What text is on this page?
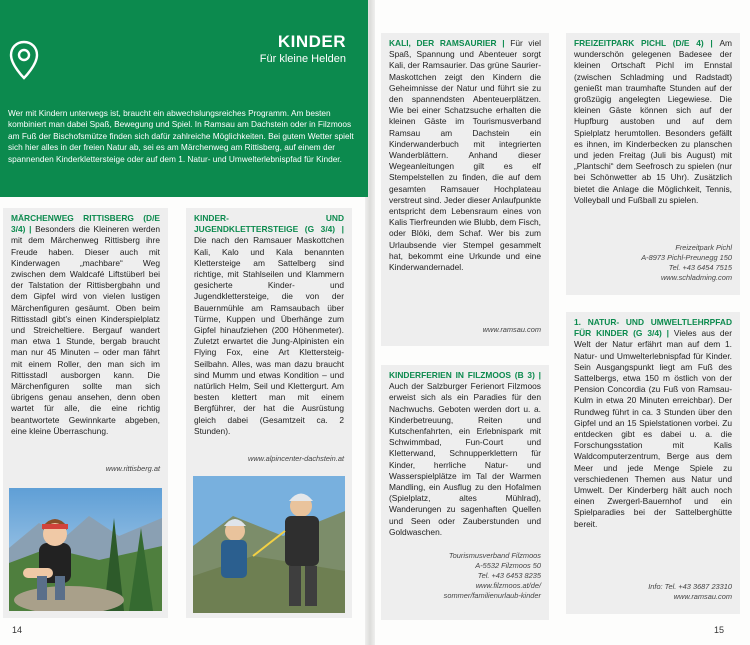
KINDER
Für kleine Helden
Wer mit Kindern unterwegs ist, braucht ein abwechslungsreiches Programm. Am besten kombiniert man dabei Spaß, Bewegung und Spiel. In Ramsau am Dachstein oder in Filzmoos am Fuß der Bischofsmütze finden sich dafür zahlreiche Möglichkeiten. Bei gutem Wetter spielt sich hier alles in der freien Natur ab, sei es am Märchenweg am Rittisberg, auf einem der spannenden Kinderklettersteige oder auf dem 1. Natur- und Umwelterlebnispfad für Kinder.
MÄRCHENWEG RITTISBERG (D/E 3/4) | Besonders die Kleineren werden mit dem Märchenweg Rittisberg ihre Freude haben. Dieser auch mit Kinderwagen „machbare“ Weg zwischen dem Waldcafé Liftstüberl bei der Talstation der Rittisbergbahn und dem Gipfel wird von vielen lustigen Märchenfiguren gesäumt. Oben beim Rittisstadl gibt’s einen Kinderspielplatz und Streicheltiere. Bergauf wandert man etwa 1 Stunde, bergab braucht man nur 45 Minuten – oder man fährt mit einem Roller, den man sich im Rittisstadl ausborgen kann. Die Märchenfiguren sollte man sich übrigens genau ansehen, denn oben wartet für alle, die eine richtig beantwortete Gewinnkarte abgeben, eine kleine Überraschung.
www.rittisberg.at
KINDER- UND JUGENDKLETTERSTEIGE (G 3/4) | Die nach den Ramsauer Maskottchen Kali, Kalo und Kala benannten Klettersteige am Sattelberg sind richtige, mit Stahlseilen und Klammern gesicherte Kinder- und Jugendklettersteige, die von der Bauernmühle am Ramsaubach über Türme, Kuppen und Überhänge zum Gipfel hinaufziehen (200 Höhenmeter). Zuletzt erwartet die Jung-Alpinisten ein Flying Fox, eine Art Klettersteig-Seilbahn. Alles, was man dazu braucht sind Mumm und etwas Kondition – und natürlich Helm, Seil und Klettergurt. Am besten klettert man mit einem Bergführer, der hat die Ausrüstung gleich dabei (Gesamtzeit ca. 2 Stunden).
www.alpincenter-dachstein.at
KALI, DER RAMSAURIER | Für viel Spaß, Spannung und Abenteuer sorgt Kali, der Ramsaurier. Das grüne Saurier-Maskottchen zeigt den Kindern die Geheimnisse der Natur und führt sie zu den spannendsten Abenteuerplätzen. Wie bei einer Schatzsuche erhalten die kleinen Gäste im Tourismusverband Ramsau am Dachstein ein Kinderwanderbuch mit integrierten Wanderblättern. Anhand dieser Wegeanleitungen gilt es elf Stempelstellen zu finden, die auf dem gesamten Ramsauer Hochplateau verstreut sind. Jeder dieser Anlaufpunkte entspricht dem Lebensraum eines von Kalis Tierfreunden wie Blubb, dem Fisch, oder Blöki, dem Schaf. Wer bis zum Urlaubsende vier Stempel gesammelt hat, bekommt eine Urkunde und eine Kinderwandernadel.
www.ramsau.com
KINDERFERIEN IN FILZMOOS (B 3) | Auch der Salzburger Ferienort Filzmoos erweist sich als ein Paradies für den Nachwuchs. Geboten werden dort u. a. Kinderbetreuung, Reiten und Kutschenfahrten, ein Erlebnispark mit Schwimmbad, Fun-Court und Kletterwand, Schnupperklettern für Kinder, herrliche Natur- und Wasserspielplätze im Tal der Warmen Mandling, ein Ausflug zu den Hofalmen (Spielplatz, altes Mühlrad), Wanderungen zu sagenhaften Quellen und Seen oder Zauberstunden und Goldwaschen.
Tourismusverband Filzmoos
A-5532 Filzmoos 50
Tel. +43 6453 8235
www.filzmoos.at/de/
sommer/familienurlaub-kinder
FREIZEITPARK PICHL (D/E 4) | Am wunderschön gelegenen Badesee der kleinen Ortschaft Pichl im Ennstal (zwischen Schladming und Radstadt) genießt man traumhafte Stunden auf der großzügig angelegten Liegewiese. Die kleinen Gäste können sich auf der Hupfburg austoben und auf dem Spielplatz herumtollen. Besonders gefällt es ihnen, im Kinderbecken zu planschen und jeden Freitag (Juli bis August) mit „Plantschi“ dem Seefrosch zu spielen (nur bei Schönwetter ab 15 Uhr). Zusätzlich bietet die Anlage die Möglichkeit, Tennis, Volleyball und Fußball zu spielen.
Freizeitpark Pichl
A-8973 Pichl-Preunegg 150
Tel. +43 6454 7515
www.schladming.com
1. NATUR- UND UMWELTLEHRPFAD FÜR KINDER (G 3/4) | Vieles aus der Welt der Natur erfährt man auf dem 1. Natur- und Umwelterlebnispfad für Kinder. Sein Ausgangspunkt liegt am Fuß des Sattelbergs, etwa 150 m östlich von der Pension Concordia (zu Fuß von Ramsau-Kulm in etwa 20 Minuten erreichbar). Der Rundweg führt in ca. 3 Stunden über den Gipfel und an 15 Spielstationen vorbei. Zu entdecken gibt es dabei u. a. die Forschungsstation mit Kalis Waldcomputerzentrum, Berge aus dem Meer und jede Menge Spiele zu verschiedenen Themen aus Natur und Umwelt. Der Kinderberg hält auch noch einen Zwergerl-Bauernhof und ein Spielparadies bei der Sattelberghütte bereit.
Info: Tel. +43 3687 23310
www.ramsau.com
14	15
